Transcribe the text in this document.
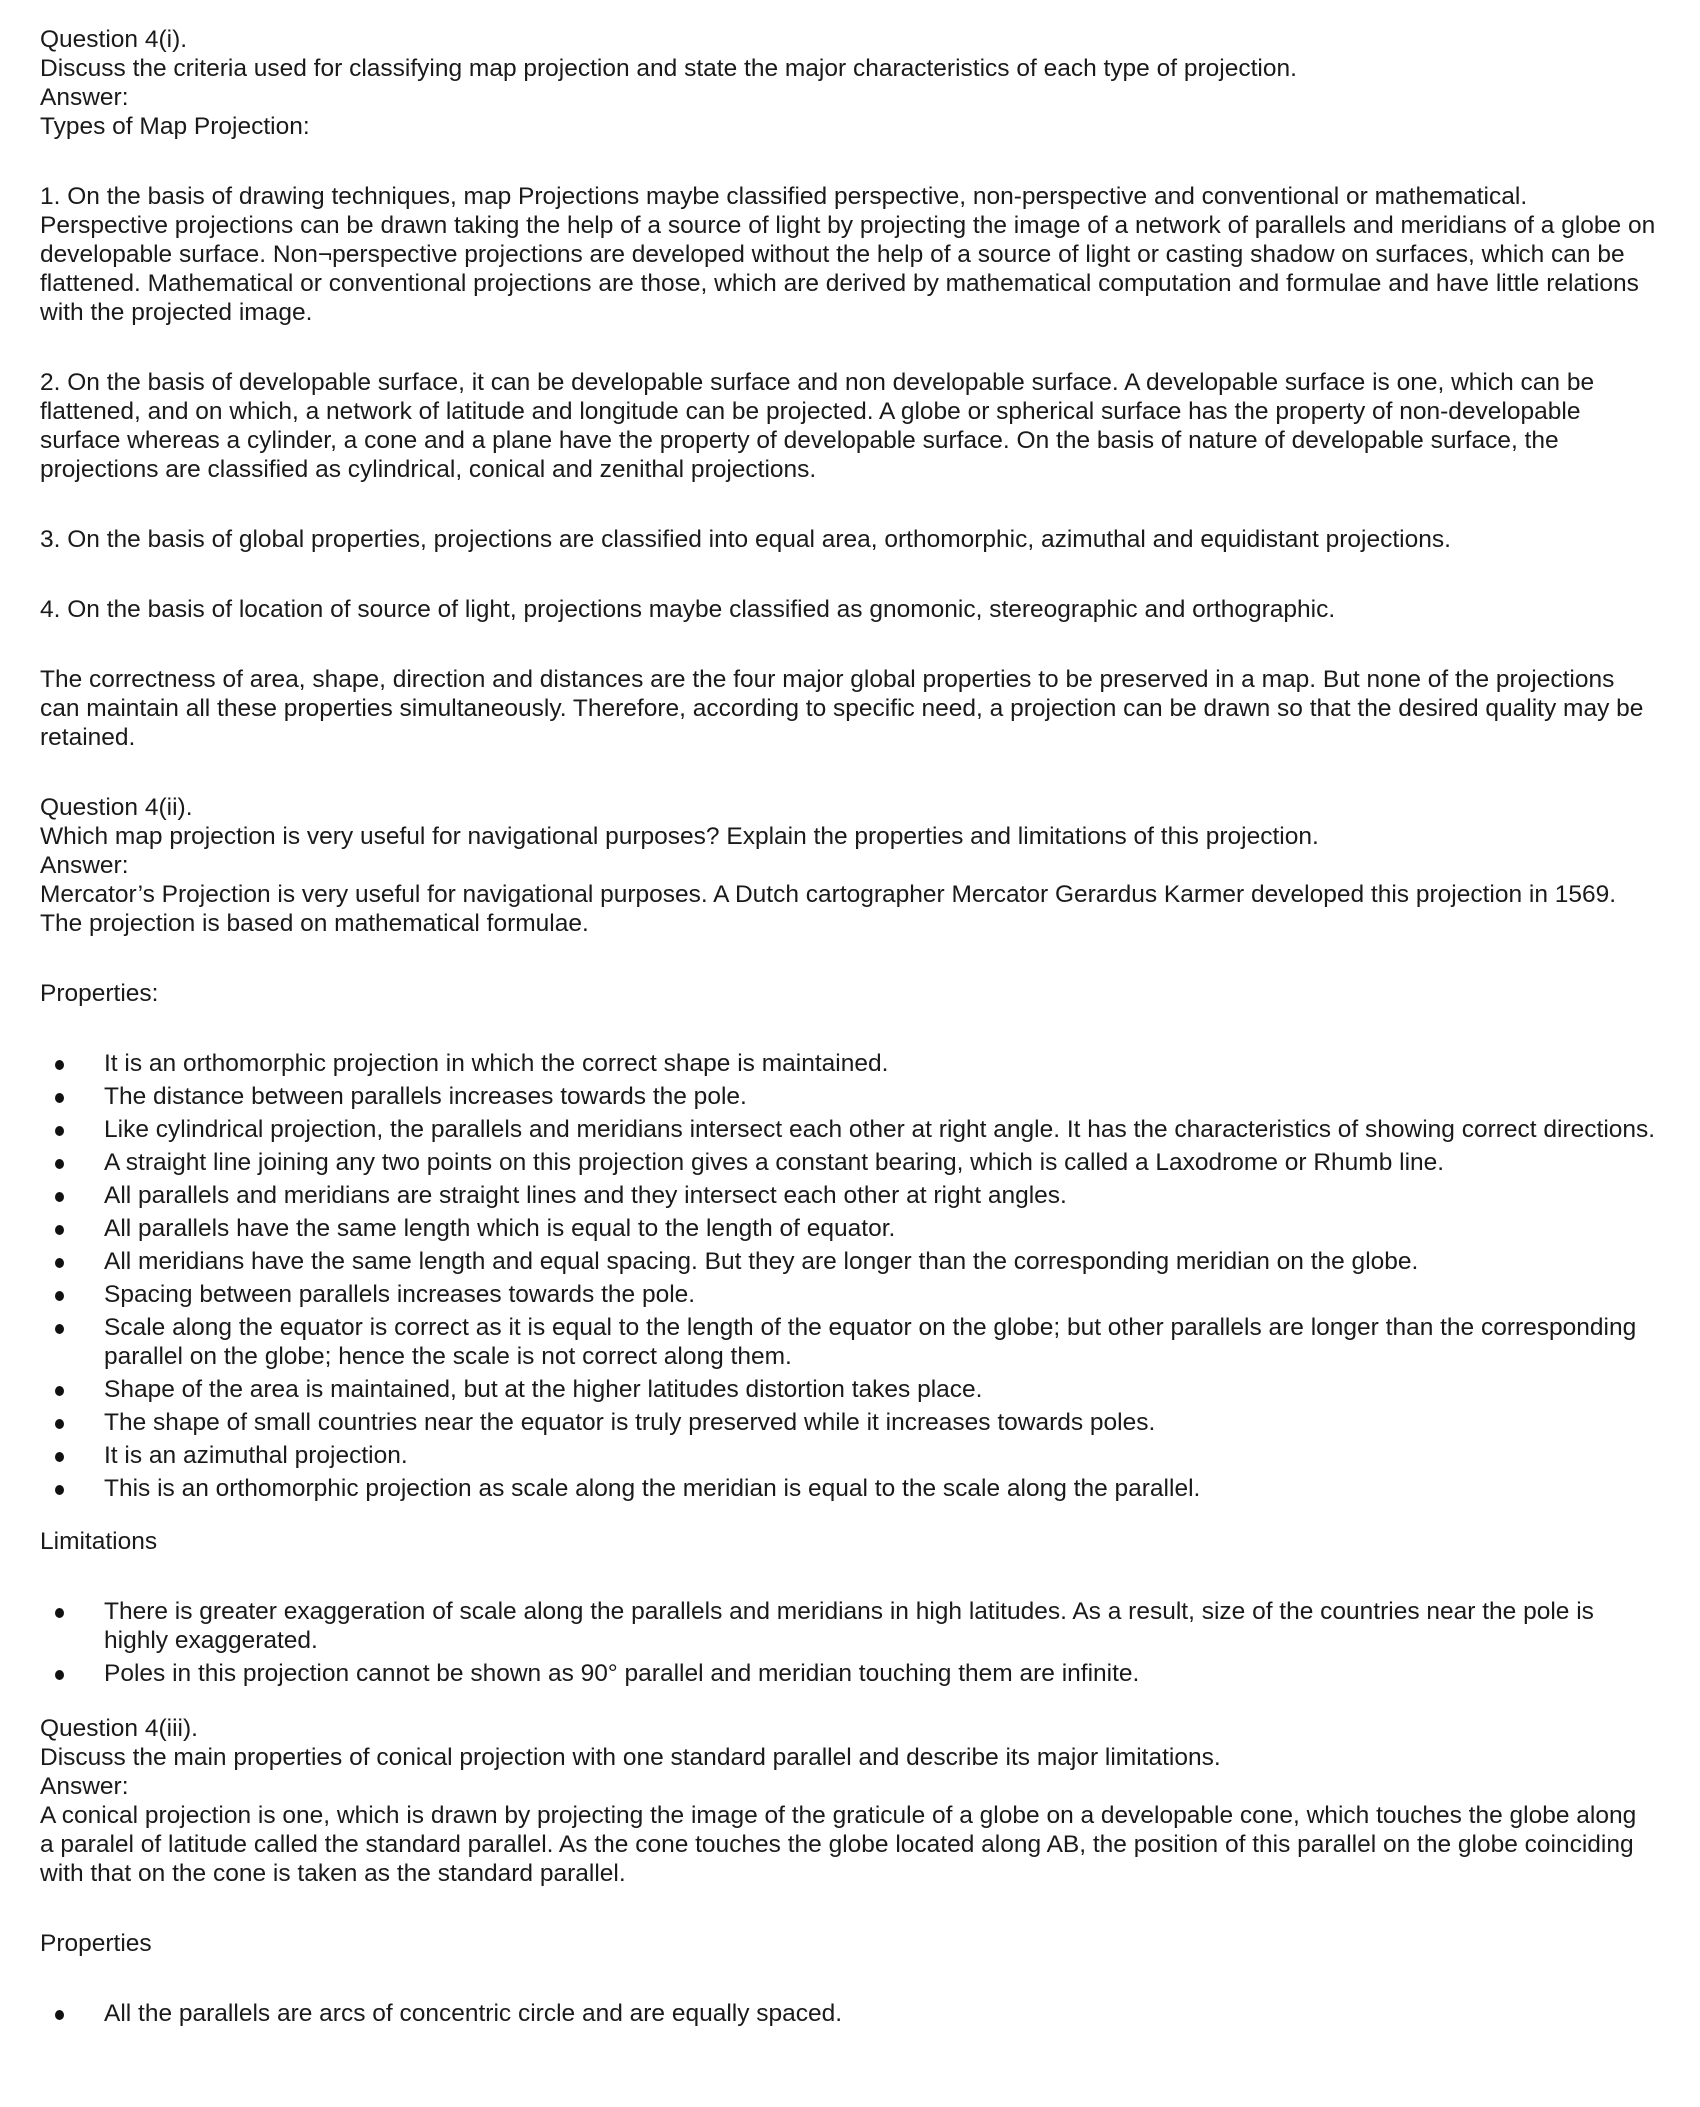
Question 4(i).

Discuss the criteria used for classifying map projection and state the major characteristics of each type of projection.

Answer:

Types of Map Projection:

1. On the basis of drawing techniques, map Projections maybe classified perspective, non-perspective and conventional or mathematical. Perspective projections can be drawn taking the help of a source of light by projecting the image of a network of parallels and meridians of a globe on developable surface. Non¬perspective projections are developed without the help of a source of light or casting shadow on surfaces, which can be flattened. Mathematical or conventional projections are those, which are derived by mathematical computation and formulae and have little relations with the projected image.

2. On the basis of developable surface, it can be developable surface and non developable surface. A developable surface is one, which can be flattened, and on which, a network of latitude and longitude can be projected. A globe or spherical surface has the property of non-developable surface whereas a cylinder, a cone and a plane have the property of developable surface. On the basis of nature of developable surface, the projections are classified as cylindrical, conical and zenithal projections.

3. On the basis of global properties, projections are classified into equal area, orthomorphic, azimuthal and equidistant projections.

4. On the basis of location of source of light, projections maybe classified as gnomonic, stereographic and orthographic.

The correctness of area, shape, direction and distances are the four major global properties to be preserved in a map. But none of the projections can maintain all these properties simultaneously. Therefore, according to specific need, a projection can be drawn so that the desired quality may be retained.

Question 4(ii).

Which map projection is very useful for navigational purposes? Explain the properties and limitations of this projection.

Answer:

Mercator’s Projection is very useful for navigational purposes. A Dutch cartographer Mercator Gerardus Karmer developed this projection in 1569. The projection is based on mathematical formulae.

Properties:

It is an orthomorphic projection in which the correct shape is maintained.
The distance between parallels increases towards the pole.
Like cylindrical projection, the parallels and meridians intersect each other at right angle. It has the characteristics of showing correct directions.
A straight line joining any two points on this projection gives a constant bearing, which is called a Laxodrome or Rhumb line.
All parallels and meridians are straight lines and they intersect each other at right angles.
All parallels have the same length which is equal to the length of equator.
All meridians have the same length and equal spacing. But they are longer than the corresponding meridian on the globe.
Spacing between parallels increases towards the pole.
Scale along the equator is correct as it is equal to the length of the equator on the globe; but other parallels are longer than the corresponding parallel on the globe; hence the scale is not correct along them.
Shape of the area is maintained, but at the higher latitudes distortion takes place.
The shape of small countries near the equator is truly preserved while it increases towards poles.
It is an azimuthal projection.
This is an orthomorphic projection as scale along the meridian is equal to the scale along the parallel.

Limitations

There is greater exaggeration of scale along the parallels and meridians in high latitudes. As a result, size of the countries near the pole is highly exaggerated.
Poles in this projection cannot be shown as 90° parallel and meridian touching them are infinite.

Question 4(iii).

Discuss the main properties of conical projection with one standard parallel and describe its major limitations.

Answer:

A conical projection is one, which is drawn by projecting the image of the graticule of a globe on a developable cone, which touches the globe along a paralel of latitude called the standard parallel. As the cone touches the globe located along AB, the position of this parallel on the globe coinciding with that on the cone is taken as the standard parallel.

Properties

All the parallels are arcs of concentric circle and are equally spaced.
